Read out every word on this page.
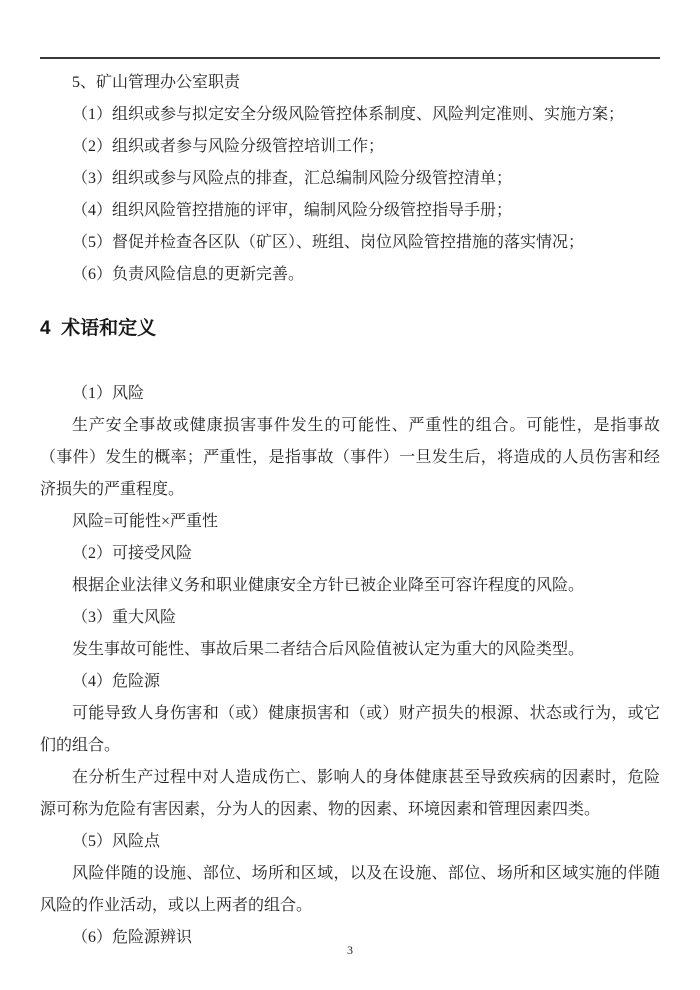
5、矿山管理办公室职责

（1）组织或参与拟定安全分级风险管控体系制度、风险判定准则、实施方案；

（2）组织或者参与风险分级管控培训工作；

（3）组织或参与风险点的排查，汇总编制风险分级管控清单；

（4）组织风险管控措施的评审，编制风险分级管控指导手册；

（5）督促并检查各区队（矿区）、班组、岗位风险管控措施的落实情况；

（6）负责风险信息的更新完善。

4  术语和定义

（1）风险

生产安全事故或健康损害事件发生的可能性、严重性的组合。可能性，是指事故（事件）发生的概率；严重性，是指事故（事件）一旦发生后，将造成的人员伤害和经济损失的严重程度。

风险=可能性×严重性

（2）可接受风险

根据企业法律义务和职业健康安全方针已被企业降至可容许程度的风险。

（3）重大风险

发生事故可能性、事故后果二者结合后风险值被认定为重大的风险类型。

（4）危险源

可能导致人身伤害和（或）健康损害和（或）财产损失的根源、状态或行为，或它们的组合。

在分析生产过程中对人造成伤亡、影响人的身体健康甚至导致疾病的因素时，危险源可称为危险有害因素，分为人的因素、物的因素、环境因素和管理因素四类。

（5）风险点

风险伴随的设施、部位、场所和区域，以及在设施、部位、场所和区域实施的伴随风险的作业活动，或以上两者的组合。

（6）危险源辨识

3
